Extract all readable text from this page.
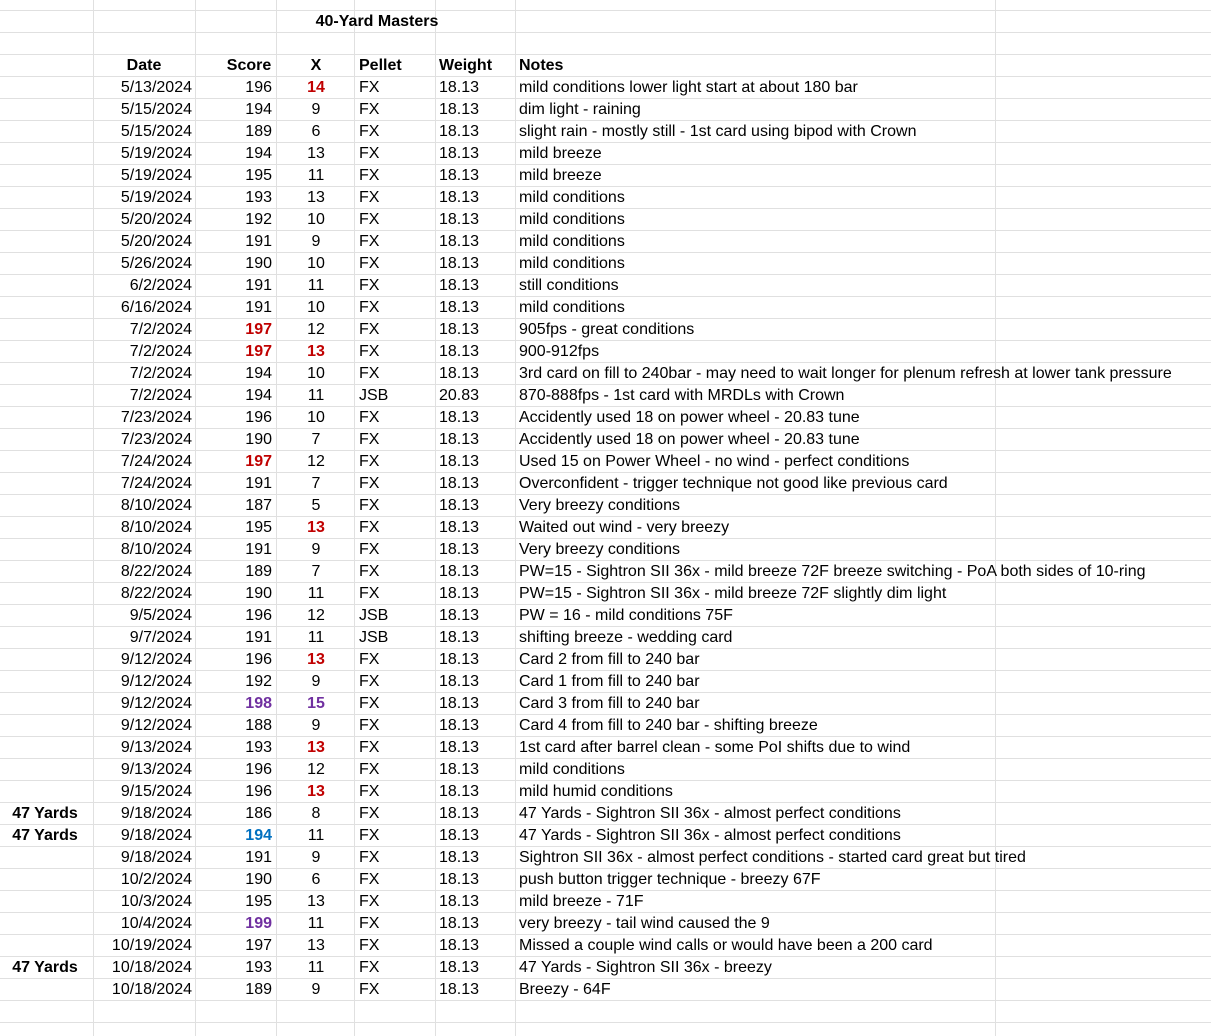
40-Yard Masters
Date	Score	X	Pellet	Weight	Notes
5/13/2024	196	14	FX	18.13	mild conditions lower light start at about 180 bar
5/15/2024	194	9	FX	18.13	dim light - raining
5/15/2024	189	6	FX	18.13	slight rain - mostly still - 1st card using bipod with Crown
5/19/2024	194	13	FX	18.13	mild breeze
5/19/2024	195	11	FX	18.13	mild breeze
5/19/2024	193	13	FX	18.13	mild conditions
5/20/2024	192	10	FX	18.13	mild conditions
5/20/2024	191	9	FX	18.13	mild conditions
5/26/2024	190	10	FX	18.13	mild conditions
6/2/2024	191	11	FX	18.13	still conditions
6/16/2024	191	10	FX	18.13	mild conditions
7/2/2024	197	12	FX	18.13	905fps - great conditions
7/2/2024	197	13	FX	18.13	900-912fps
7/2/2024	194	10	FX	18.13	3rd card on fill to 240bar - may need to wait longer for plenum refresh at lower tank pressure
7/2/2024	194	11	JSB	20.83	870-888fps - 1st card with MRDLs with Crown
7/23/2024	196	10	FX	18.13	Accidently used 18 on power wheel - 20.83 tune
7/23/2024	190	7	FX	18.13	Accidently used 18 on power wheel - 20.83 tune
7/24/2024	197	12	FX	18.13	Used 15 on Power Wheel - no wind - perfect conditions
7/24/2024	191	7	FX	18.13	Overconfident - trigger technique not good like previous card
8/10/2024	187	5	FX	18.13	Very breezy conditions
8/10/2024	195	13	FX	18.13	Waited out wind - very breezy
8/10/2024	191	9	FX	18.13	Very breezy conditions
8/22/2024	189	7	FX	18.13	PW=15 - Sightron SII 36x - mild breeze 72F breeze switching - PoA both sides of 10-ring
8/22/2024	190	11	FX	18.13	PW=15 - Sightron SII 36x - mild breeze 72F slightly dim light
9/5/2024	196	12	JSB	18.13	PW = 16 - mild conditions 75F
9/7/2024	191	11	JSB	18.13	shifting breeze - wedding card
9/12/2024	196	13	FX	18.13	Card 2 from fill to 240 bar
9/12/2024	192	9	FX	18.13	Card 1 from fill to 240 bar
9/12/2024	198	15	FX	18.13	Card 3 from fill to 240 bar
9/12/2024	188	9	FX	18.13	Card 4 from fill to 240 bar - shifting breeze
9/13/2024	193	13	FX	18.13	1st card after barrel clean - some PoI shifts due to wind
9/13/2024	196	12	FX	18.13	mild conditions
9/15/2024	196	13	FX	18.13	mild humid conditions
47 Yards	9/18/2024	186	8	FX	18.13	47 Yards - Sightron SII 36x - almost perfect conditions
47 Yards	9/18/2024	194	11	FX	18.13	47 Yards - Sightron SII 36x - almost perfect conditions
9/18/2024	191	9	FX	18.13	Sightron SII 36x - almost perfect conditions - started card great but tired
10/2/2024	190	6	FX	18.13	push button trigger technique - breezy 67F
10/3/2024	195	13	FX	18.13	mild breeze - 71F
10/4/2024	199	11	FX	18.13	very breezy - tail wind caused the 9
10/19/2024	197	13	FX	18.13	Missed a couple wind calls or would have been a 200 card
47 Yards	10/18/2024	193	11	FX	18.13	47 Yards - Sightron SII 36x - breezy
10/18/2024	189	9	FX	18.13	Breezy - 64F
